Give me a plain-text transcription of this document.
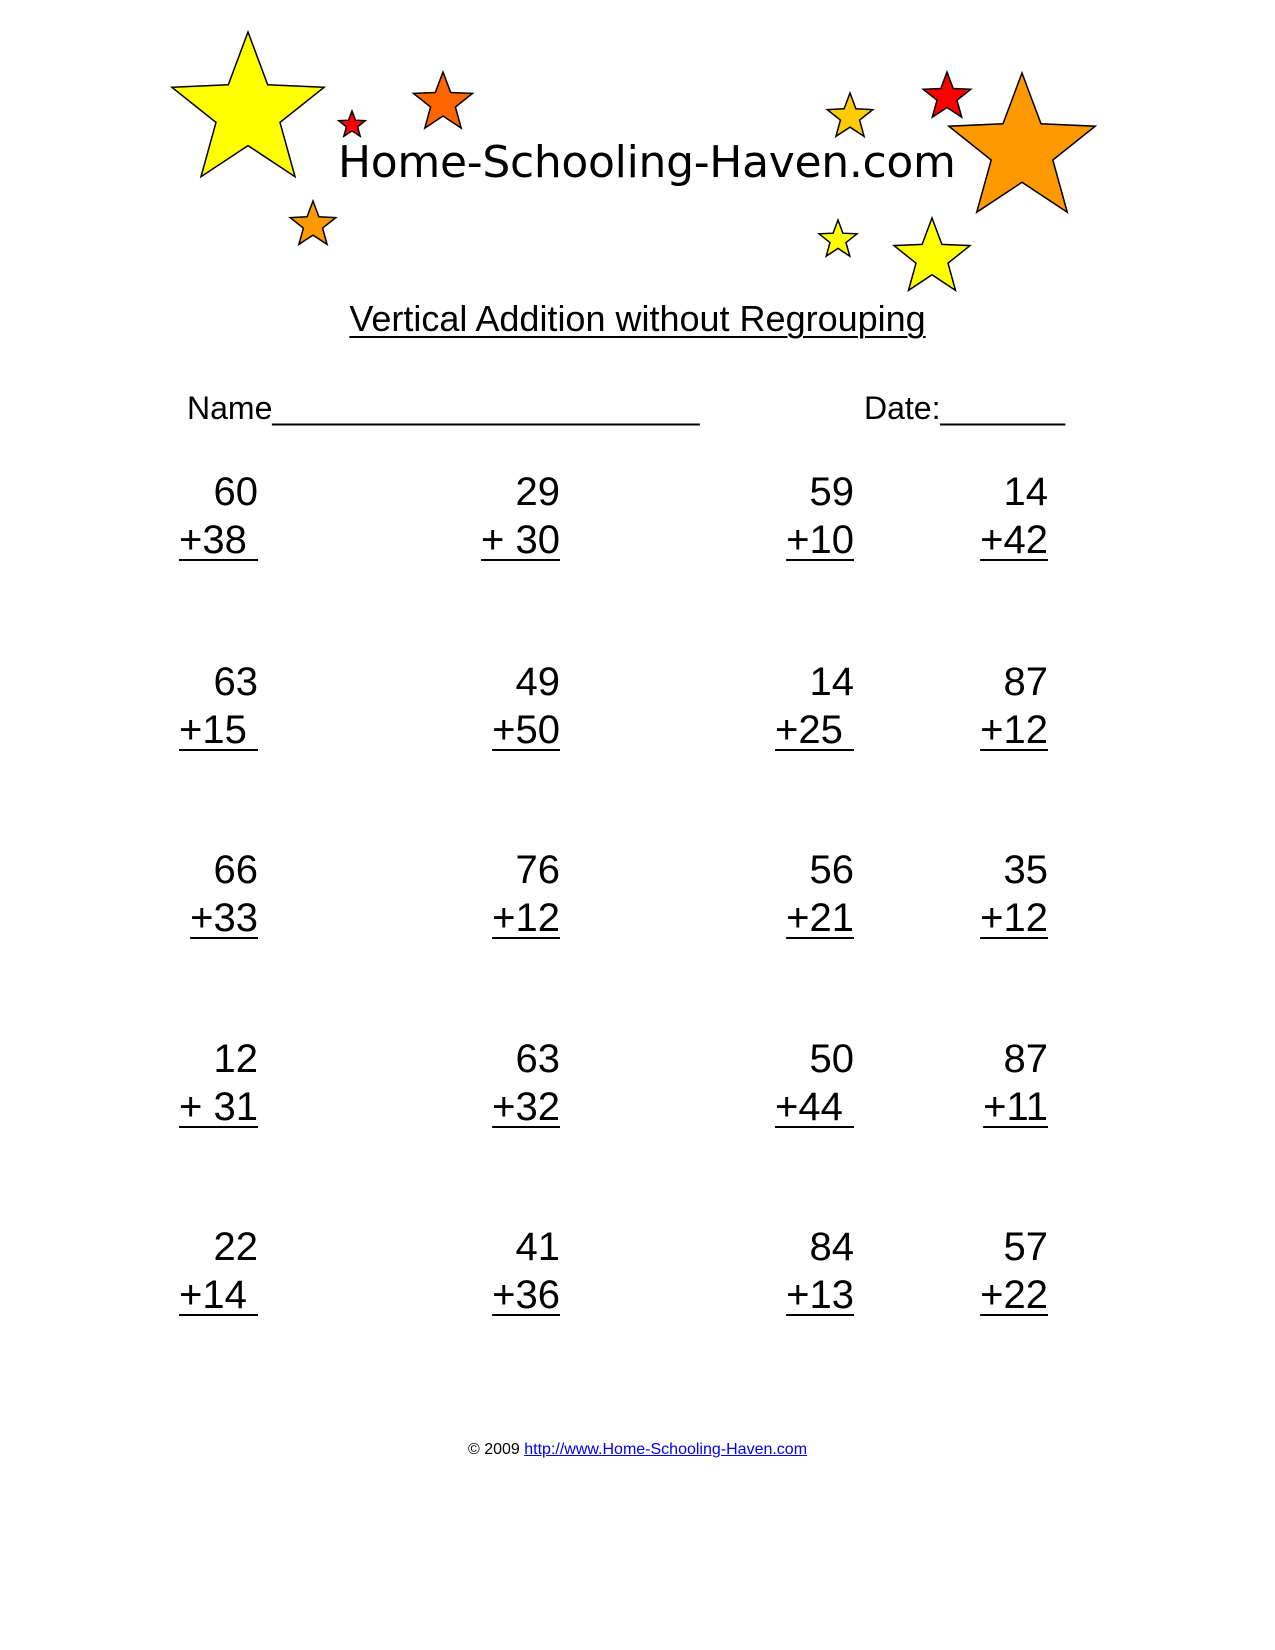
Home-Schooling-Haven.com
Vertical Addition without Regrouping
Name________________________	Date:_______
60
+38
29
+ 30
59
+10
14
+42
63
+15
49
+50
14
+25
87
+12
66
+33
76
+12
56
+21
35
+12
12
+ 31
63
+32
50
+44
87
+11
22
+14
41
+36
84
+13
57
+22
© 2009 http://www.Home-Schooling-Haven.com
